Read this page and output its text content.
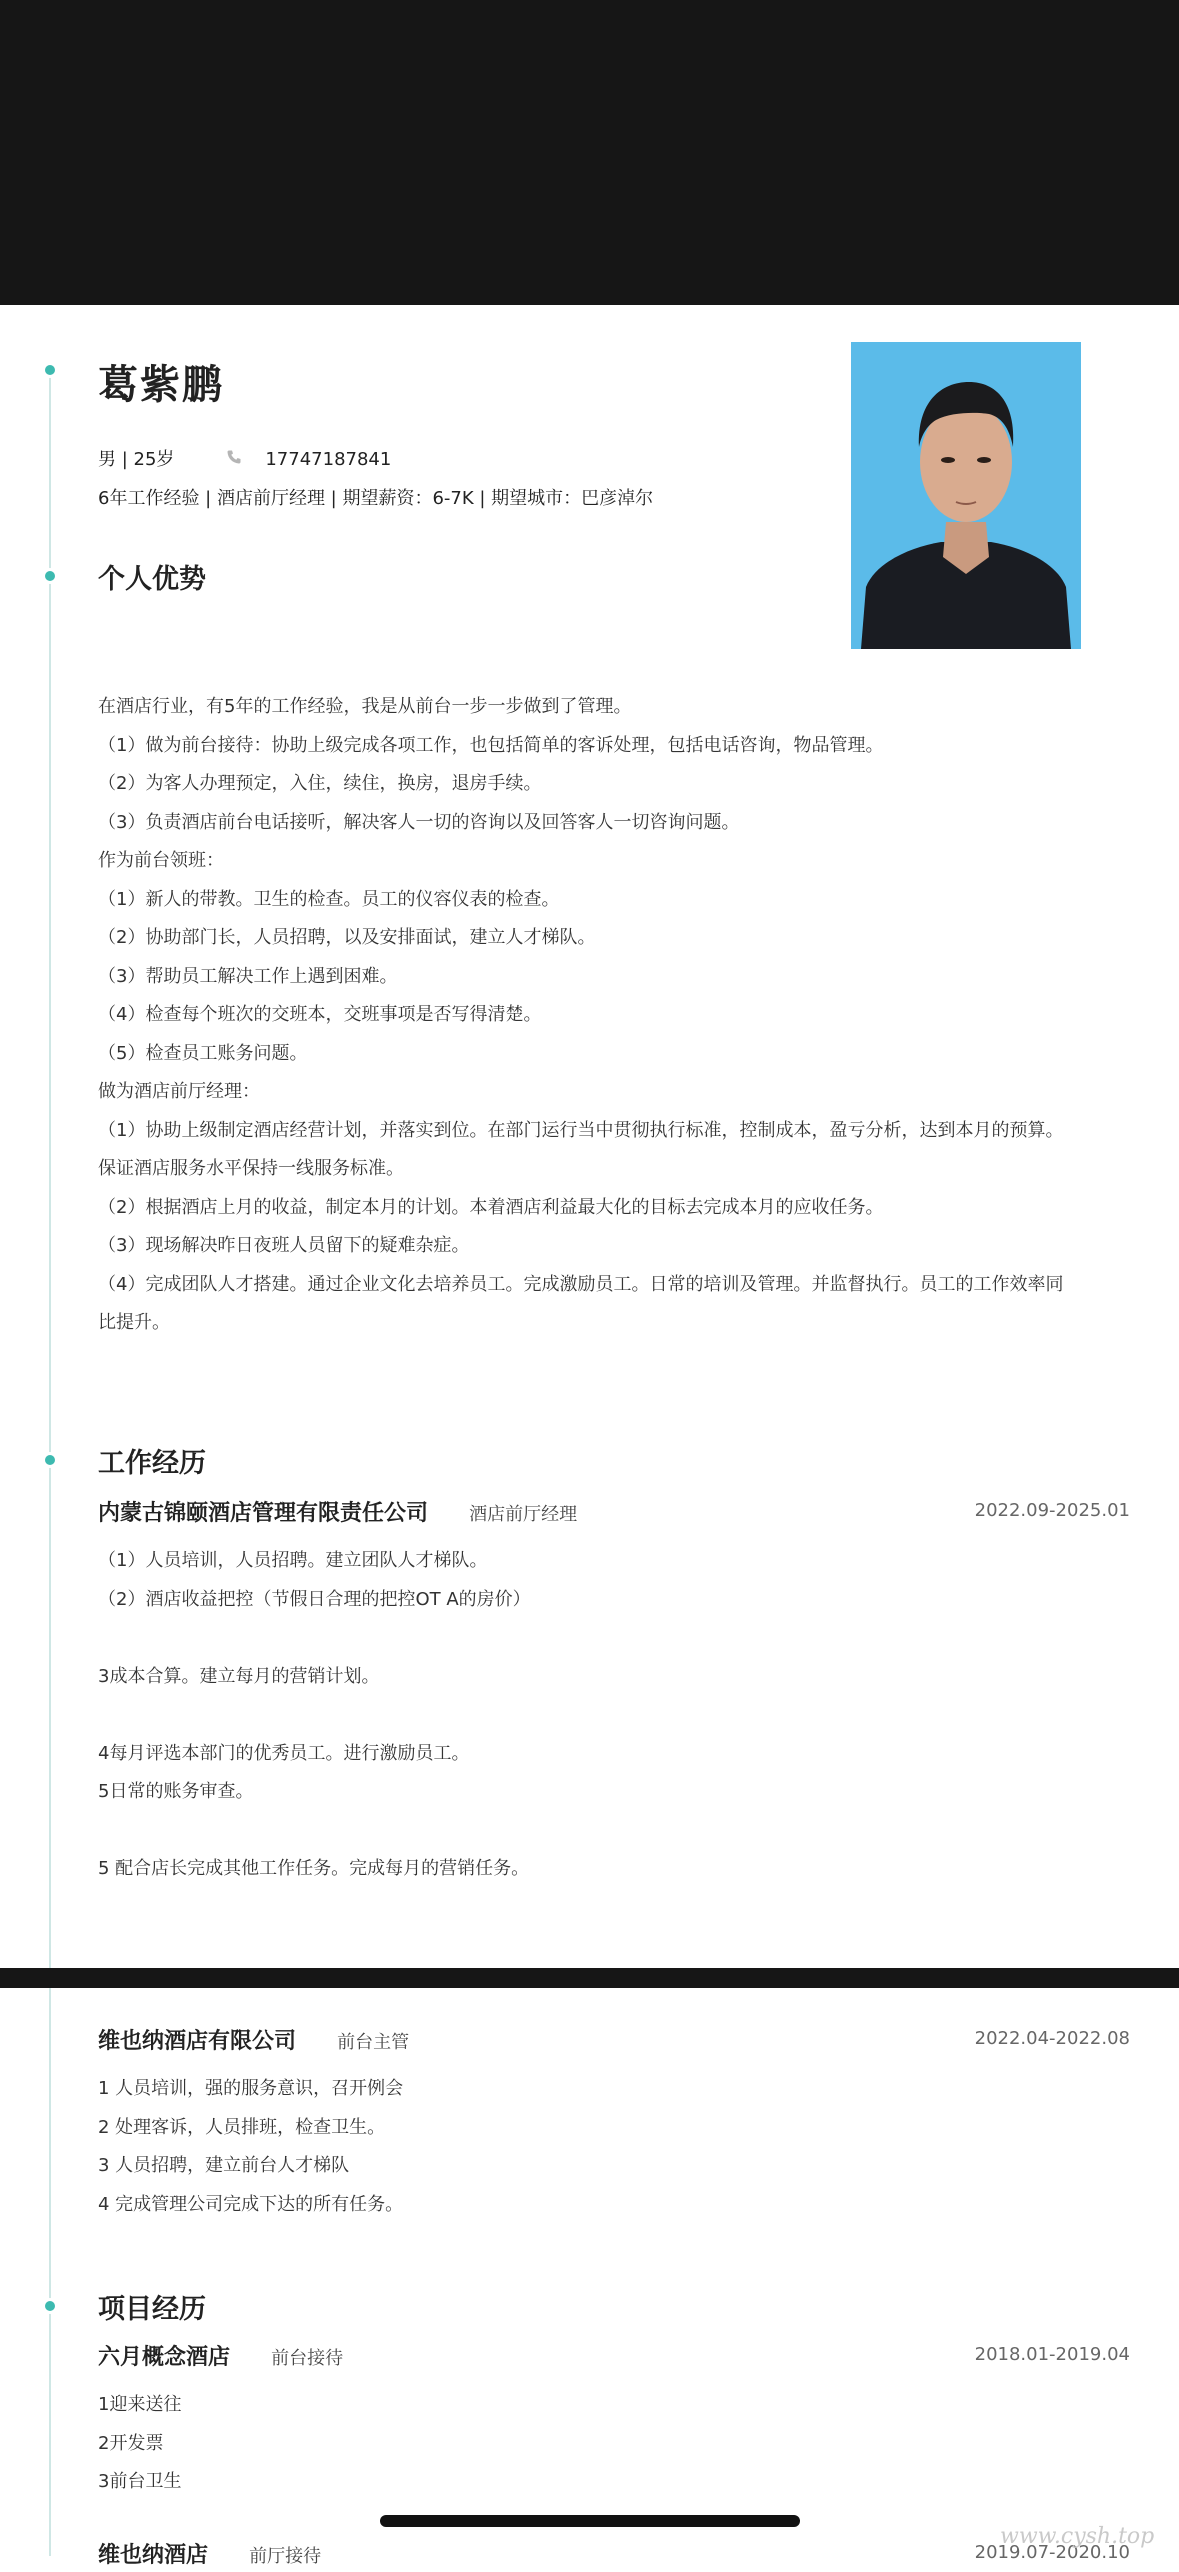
葛紫鹏
男 | 25岁	17747187841
6年工作经验 | 酒店前厅经理 | 期望薪资：6-7K | 期望城市：巴彦淖尔
个人优势
在酒店行业，有5年的工作经验，我是从前台一步一步做到了管理。
（1）做为前台接待：协助上级完成各项工作，也包括简单的客诉处理，包括电话咨询，物品管理。
（2）为客人办理预定，入住，续住，换房，退房手续。
（3）负责酒店前台电话接听，解决客人一切的咨询以及回答客人一切咨询问题。
作为前台领班：
（1）新人的带教。卫生的检查。员工的仪容仪表的检查。
（2）协助部门长，人员招聘，以及安排面试，建立人才梯队。
（3）帮助员工解决工作上遇到困难。
（4）检查每个班次的交班本，交班事项是否写得清楚。
（5）检查员工账务问题。
做为酒店前厅经理：
（1）协助上级制定酒店经营计划，并落实到位。在部门运行当中贯彻执行标准，控制成本，盈亏分析，达到本月的预算。
保证酒店服务水平保持一线服务标准。
（2）根据酒店上月的收益，制定本月的计划。本着酒店利益最大化的目标去完成本月的应收任务。
（3）现场解决昨日夜班人员留下的疑难杂症。
（4）完成团队人才搭建。通过企业文化去培养员工。完成激励员工。日常的培训及管理。并监督执行。员工的工作效率同
比提升。
工作经历
内蒙古锦颐酒店管理有限责任公司 酒店前厅经理	2022.09-2025.01
（1）人员培训，人员招聘。建立团队人才梯队。
（2）酒店收益把控（节假日合理的把控OT A的房价）
3成本合算。建立每月的营销计划。
4每月评选本部门的优秀员工。进行激励员工。
5日常的账务审查。
5 配合店长完成其他工作任务。完成每月的营销任务。
维也纳酒店有限公司 前台主管	2022.04-2022.08
1 人员培训，强的服务意识，召开例会
2 处理客诉，人员排班，检查卫生。
3 人员招聘，建立前台人才梯队
4 完成管理公司完成下达的所有任务。
项目经历
六月概念酒店 前台接待	2018.01-2019.04
1迎来送往
2开发票
3前台卫生
维也纳酒店 前厅接待	2019.07-2020.10
www.cysh.top
